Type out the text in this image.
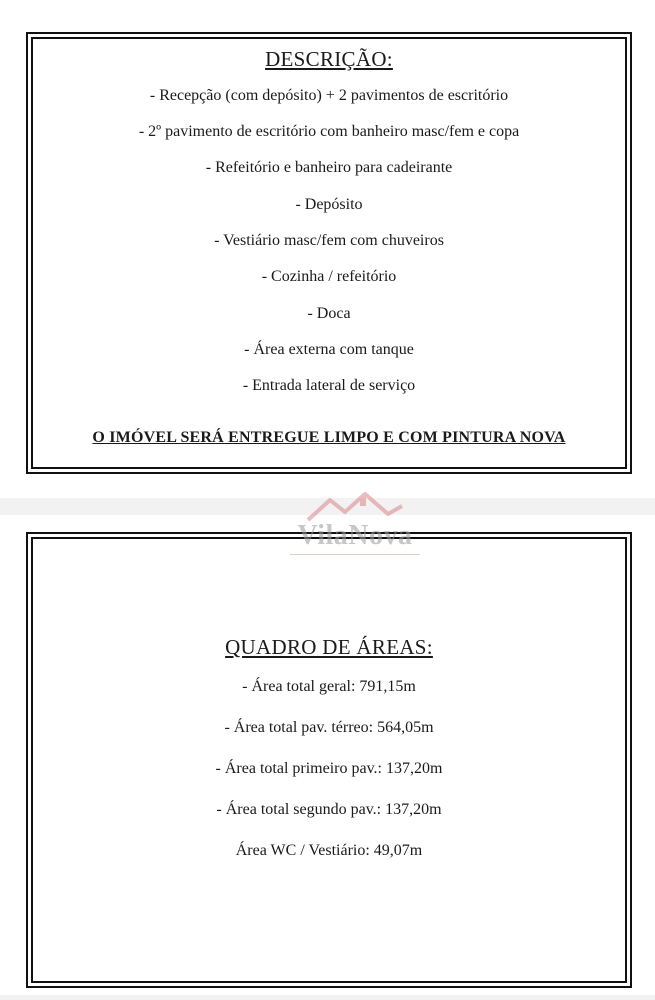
DESCRIÇÃO:
- Recepção (com depósito) + 2 pavimentos de escritório
- 2º pavimento de escritório com banheiro masc/fem e copa
- Refeitório e banheiro para cadeirante
- Depósito
- Vestiário masc/fem com chuveiros
- Cozinha / refeitório
- Doca
- Área externa com tanque
- Entrada lateral de serviço
O IMÓVEL SERÁ ENTREGUE LIMPO E COM PINTURA NOVA
QUADRO DE ÁREAS:
- Área total geral: 791,15m
- Área total pav. térreo: 564,05m
- Área total primeiro pav.: 137,20m
- Área total segundo pav.: 137,20m
Área WC / Vestiário: 49,07m
VilaNova
